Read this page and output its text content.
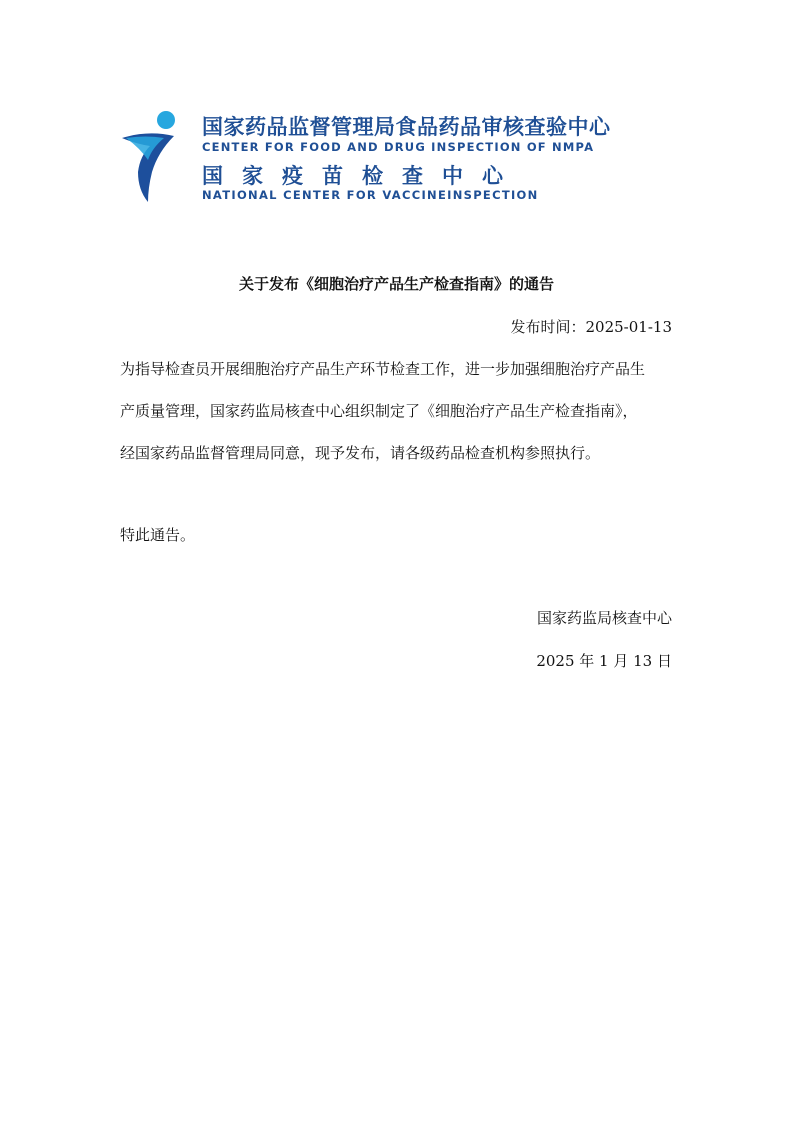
国家药品监督管理局食品药品审核查验中心
CENTER FOR FOOD AND DRUG INSPECTION OF NMPA
国家疫苗检查中心
NATIONAL CENTER FOR VACCINEINSPECTION
关于发布《细胞治疗产品生产检查指南》的通告
发布时间：2025-01-13
为指导检查员开展细胞治疗产品生产环节检查工作，进一步加强细胞治疗产品生
产质量管理，国家药监局核查中心组织制定了《细胞治疗产品生产检查指南》，
经国家药品监督管理局同意，现予发布，请各级药品检查机构参照执行。
特此通告。
国家药监局核查中心
2025 年 1 月 13 日
